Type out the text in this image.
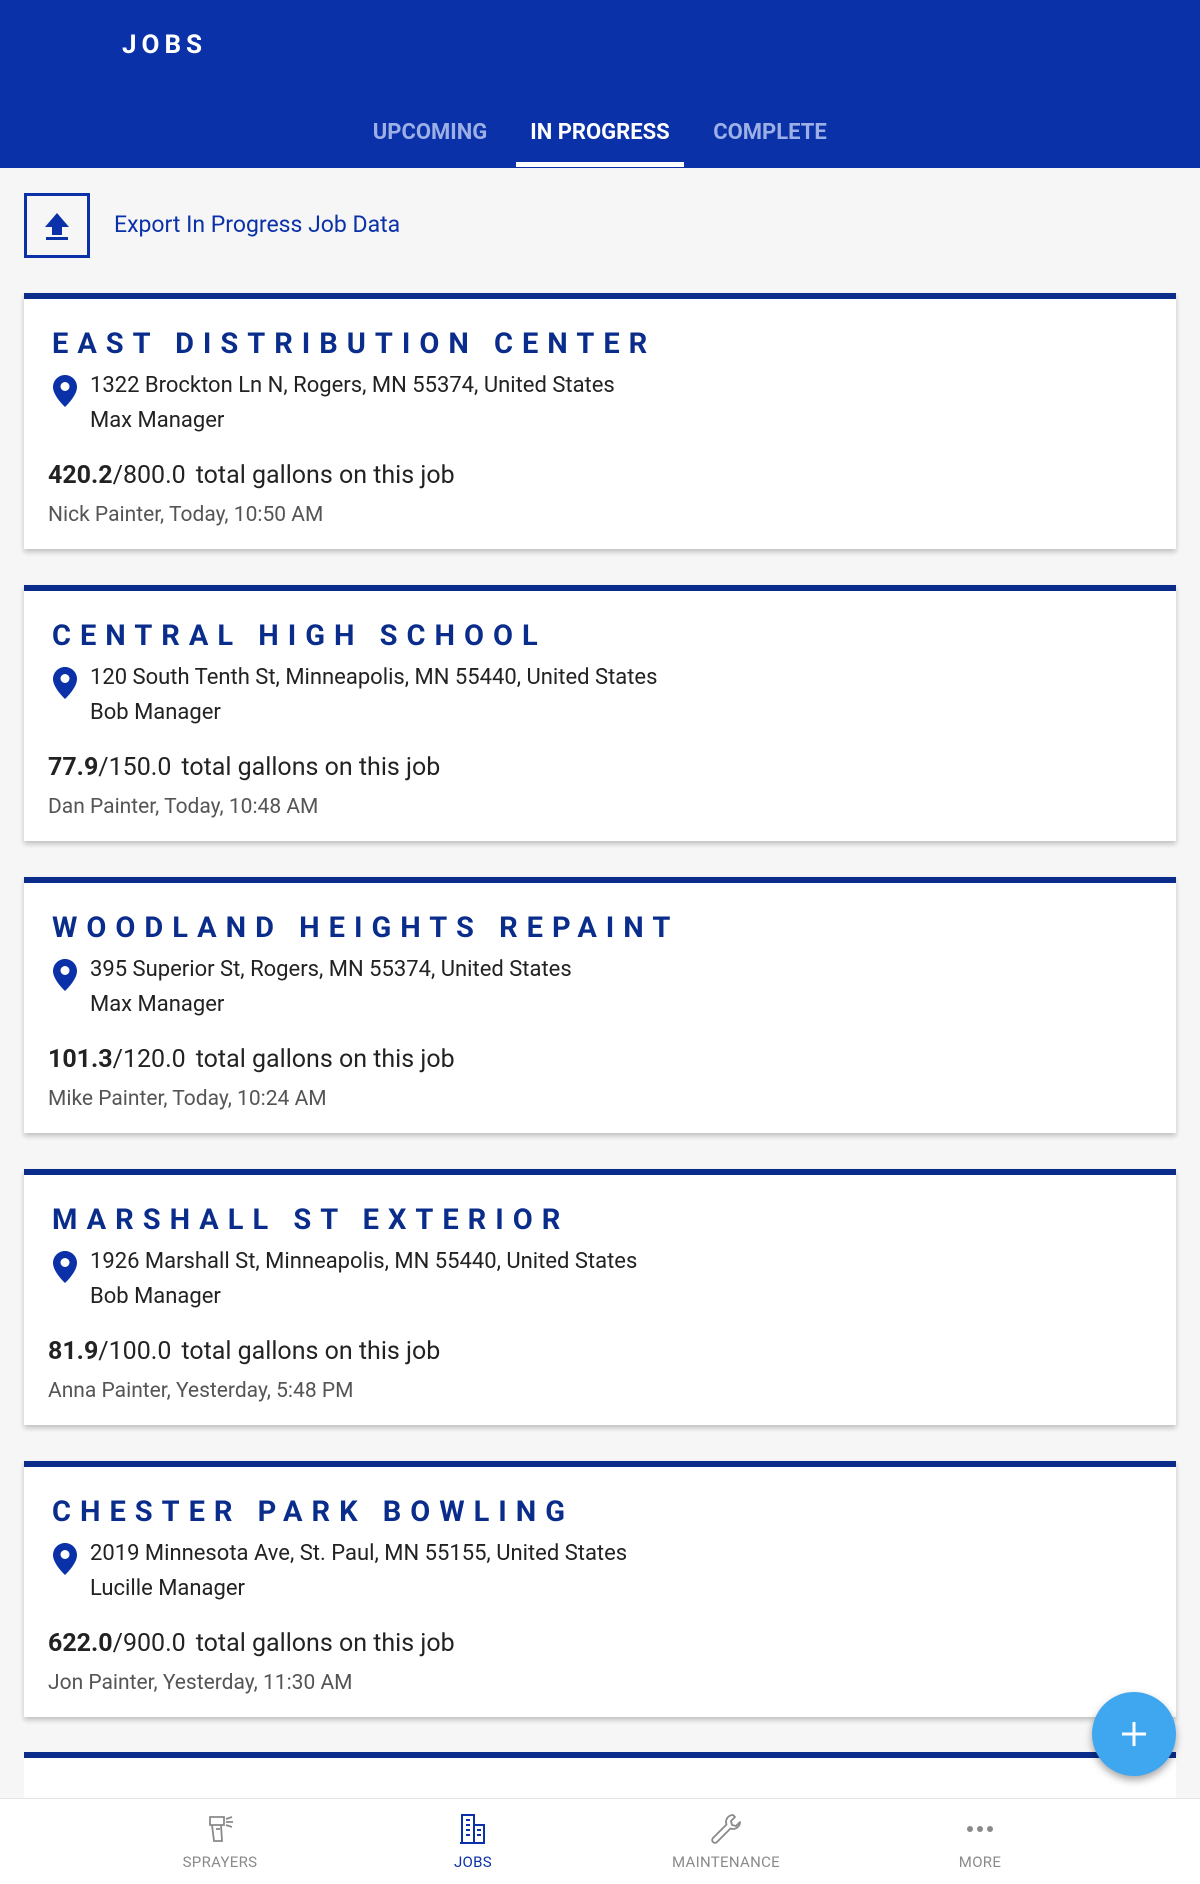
JOBS
UPCOMING	IN PROGRESS	COMPLETE
Export In Progress Job Data
EAST DISTRIBUTION CENTER
1322 Brockton Ln N, Rogers, MN 55374, United States
Max Manager
420.2/800.0 total gallons on this job
Nick Painter, Today, 10:50 AM
CENTRAL HIGH SCHOOL
120 South Tenth St, Minneapolis, MN 55440, United States
Bob Manager
77.9/150.0 total gallons on this job
Dan Painter, Today, 10:48 AM
WOODLAND HEIGHTS REPAINT
395 Superior St, Rogers, MN 55374, United States
Max Manager
101.3/120.0 total gallons on this job
Mike Painter, Today, 10:24 AM
MARSHALL ST EXTERIOR
1926 Marshall St, Minneapolis, MN 55440, United States
Bob Manager
81.9/100.0 total gallons on this job
Anna Painter, Yesterday, 5:48 PM
CHESTER PARK BOWLING
2019 Minnesota Ave, St. Paul, MN 55155, United States
Lucille Manager
622.0/900.0 total gallons on this job
Jon Painter, Yesterday, 11:30 AM
SPRAYERS	JOBS	MAINTENANCE	MORE
